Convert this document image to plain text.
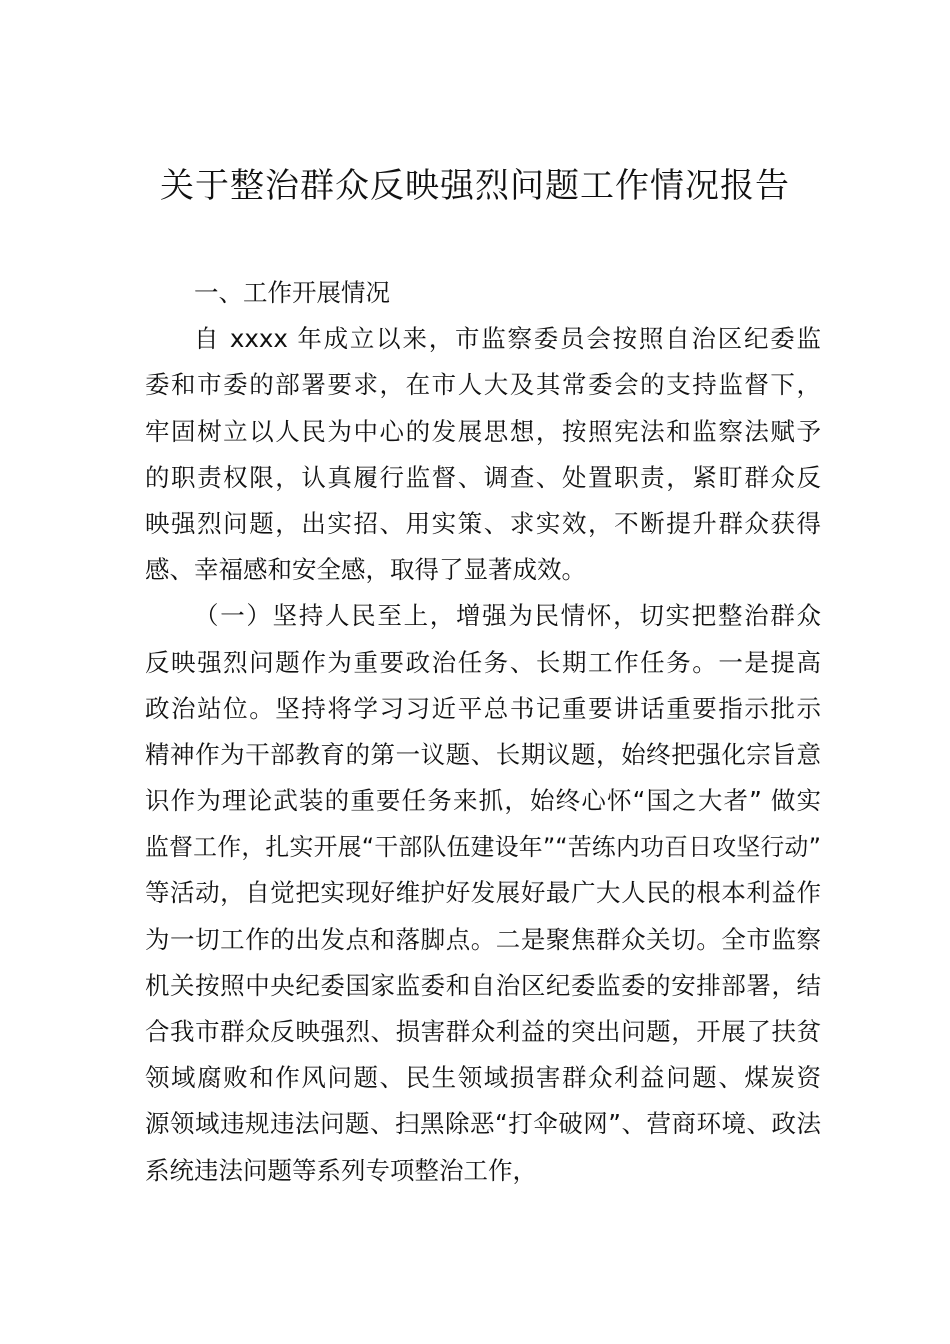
关于整治群众反映强烈问题工作情况报告
一、工作开展情况
自 xxxx 年成立以来，市监察委员会按照自治区纪委监
委和市委的部署要求，在市人大及其常委会的支持监督下，
牢固树立以人民为中心的发展思想，按照宪法和监察法赋予
的职责权限，认真履行监督、调查、处置职责，紧盯群众反
映强烈问题，出实招、用实策、求实效，不断提升群众获得
感、幸福感和安全感，取得了显著成效。
（一）坚持人民至上，增强为民情怀，切实把整治群众
反映强烈问题作为重要政治任务、长期工作任务。一是提高
政治站位。坚持将学习习近平总书记重要讲话重要指示批示
精神作为干部教育的第一议题、长期议题，始终把强化宗旨意
识作为理论武装的重要任务来抓，始终心怀“国之大者” 做实
监督工作，扎实开展“干部队伍建设年”“苦练内功百日攻坚行动”
等活动，自觉把实现好维护好发展好最广大人民的根本利益作
为一切工作的出发点和落脚点。二是聚焦群众关切。全市监察
机关按照中央纪委国家监委和自治区纪委监委的安排部署，结
合我市群众反映强烈、损害群众利益的突出问题，开展了扶贫
领域腐败和作风问题、民生领域损害群众利益问题、煤炭资
源领域违规违法问题、扫黑除恶“打伞破网”、营商环境、政法
系统违法问题等系列专项整治工作，
